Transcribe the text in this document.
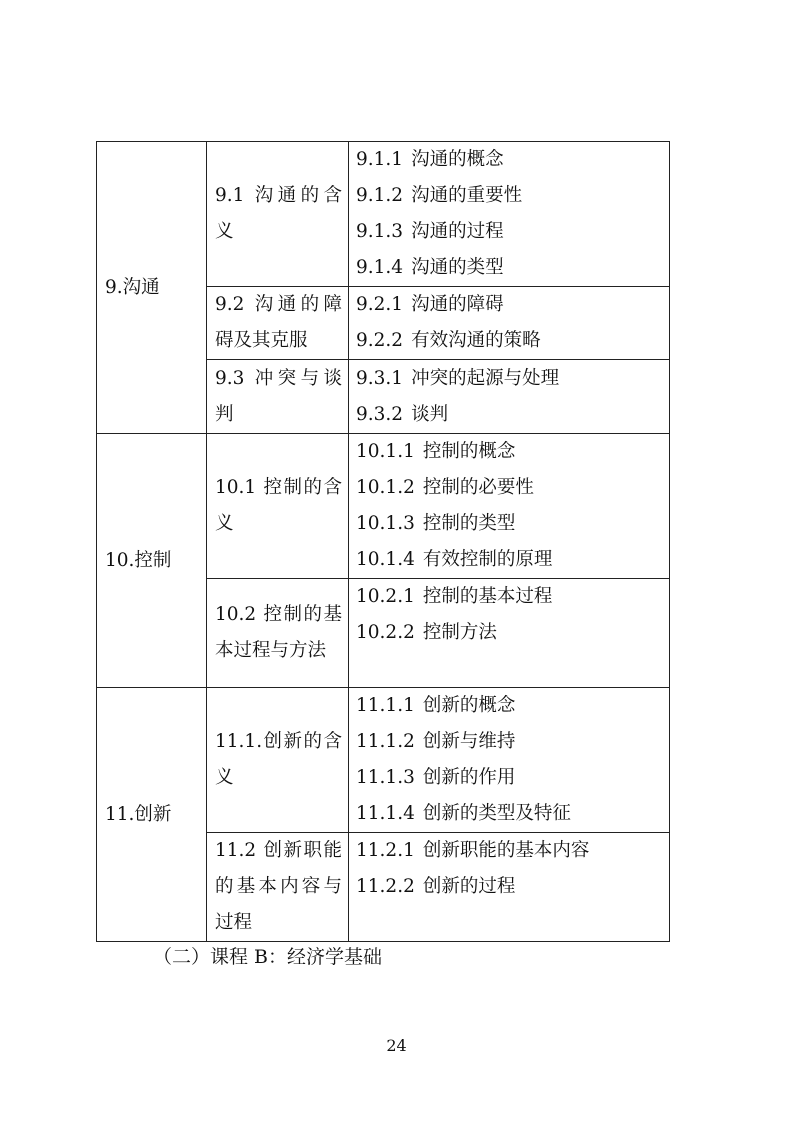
9.沟通	9.1 沟通的含义	9.1.1 沟通的概念
9.1.2 沟通的重要性
9.1.3 沟通的过程
9.1.4 沟通的类型

	9.2 沟通的障碍及其克服	9.2.1 沟通的障碍
9.2.2 有效沟通的策略

	9.3 冲突与谈判	9.3.1 冲突的起源与处理
9.3.2 谈判

10.控制	10.1 控制的含义	10.1.1 控制的概念
10.1.2 控制的必要性
10.1.3 控制的类型
10.1.4 有效控制的原理

	10.2 控制的基本过程与方法	10.2.1 控制的基本过程
10.2.2 控制方法

11.创新	11.1.创新的含义	11.1.1 创新的概念
11.1.2 创新与维持
11.1.3 创新的作用
11.1.4 创新的类型及特征

	11.2 创新职能的基本内容与过程	11.2.1 创新职能的基本内容
11.2.2 创新的过程
（二）课程 B：经济学基础
24
